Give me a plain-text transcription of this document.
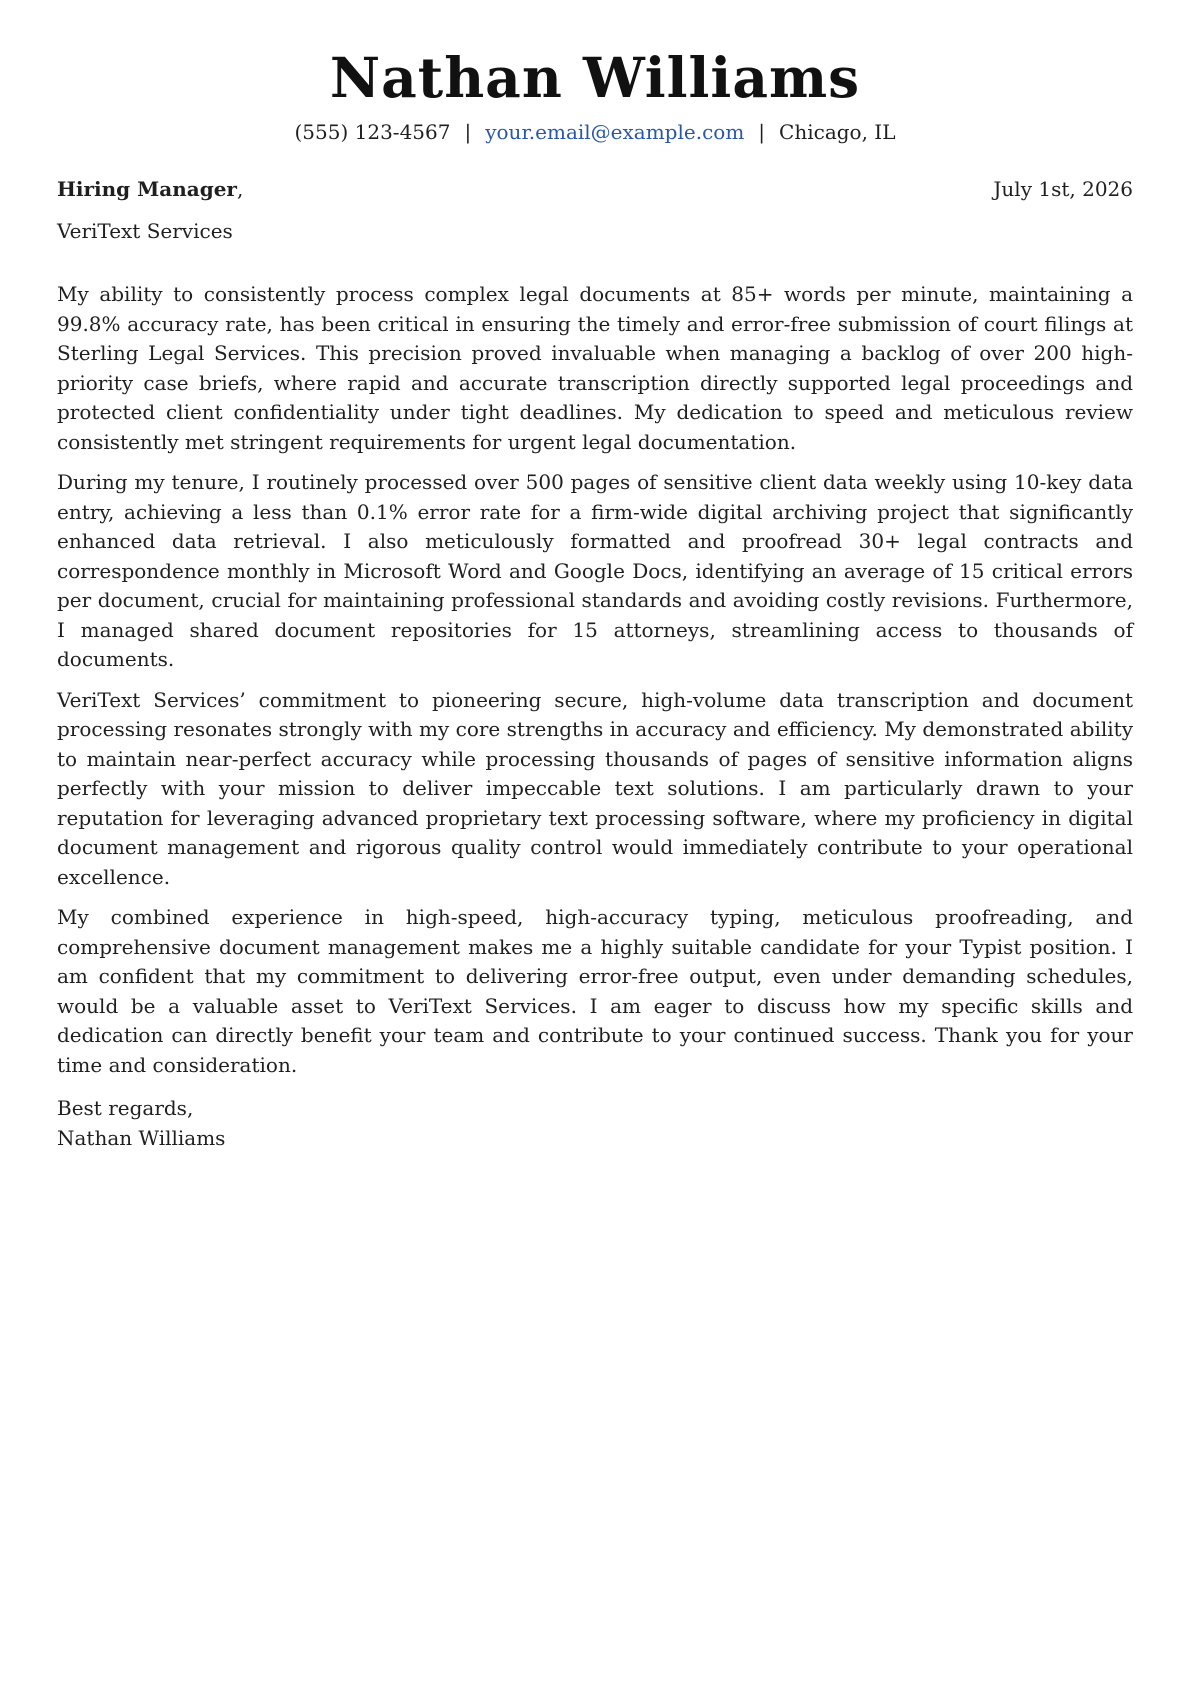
Nathan Williams
(555) 123-4567 | your.email@example.com | Chicago, IL
Hiring Manager,	July 1st, 2026
VeriText Services

My ability to consistently process complex legal documents at 85+ words per minute, maintaining a 99.8% accuracy rate, has been critical in ensuring the timely and error-free submission of court filings at Sterling Legal Services. This precision proved invaluable when managing a backlog of over 200 high-priority case briefs, where rapid and accurate transcription directly supported legal proceedings and protected client confidentiality under tight deadlines. My dedication to speed and meticulous review consistently met stringent requirements for urgent legal documentation.

During my tenure, I routinely processed over 500 pages of sensitive client data weekly using 10-key data entry, achieving a less than 0.1% error rate for a firm-wide digital archiving project that significantly enhanced data retrieval. I also meticulously formatted and proofread 30+ legal contracts and correspondence monthly in Microsoft Word and Google Docs, identifying an average of 15 critical errors per document, crucial for maintaining professional standards and avoiding costly revisions. Furthermore, I managed shared document repositories for 15 attorneys, streamlining access to thousands of documents.

VeriText Services’ commitment to pioneering secure, high-volume data transcription and document processing resonates strongly with my core strengths in accuracy and efficiency. My demonstrated ability to maintain near-perfect accuracy while processing thousands of pages of sensitive information aligns perfectly with your mission to deliver impeccable text solutions. I am particularly drawn to your reputation for leveraging advanced proprietary text processing software, where my proficiency in digital document management and rigorous quality control would immediately contribute to your operational excellence.

My combined experience in high-speed, high-accuracy typing, meticulous proofreading, and comprehensive document management makes me a highly suitable candidate for your Typist position. I am confident that my commitment to delivering error-free output, even under demanding schedules, would be a valuable asset to VeriText Services. I am eager to discuss how my specific skills and dedication can directly benefit your team and contribute to your continued success. Thank you for your time and consideration.

Best regards,
Nathan Williams
